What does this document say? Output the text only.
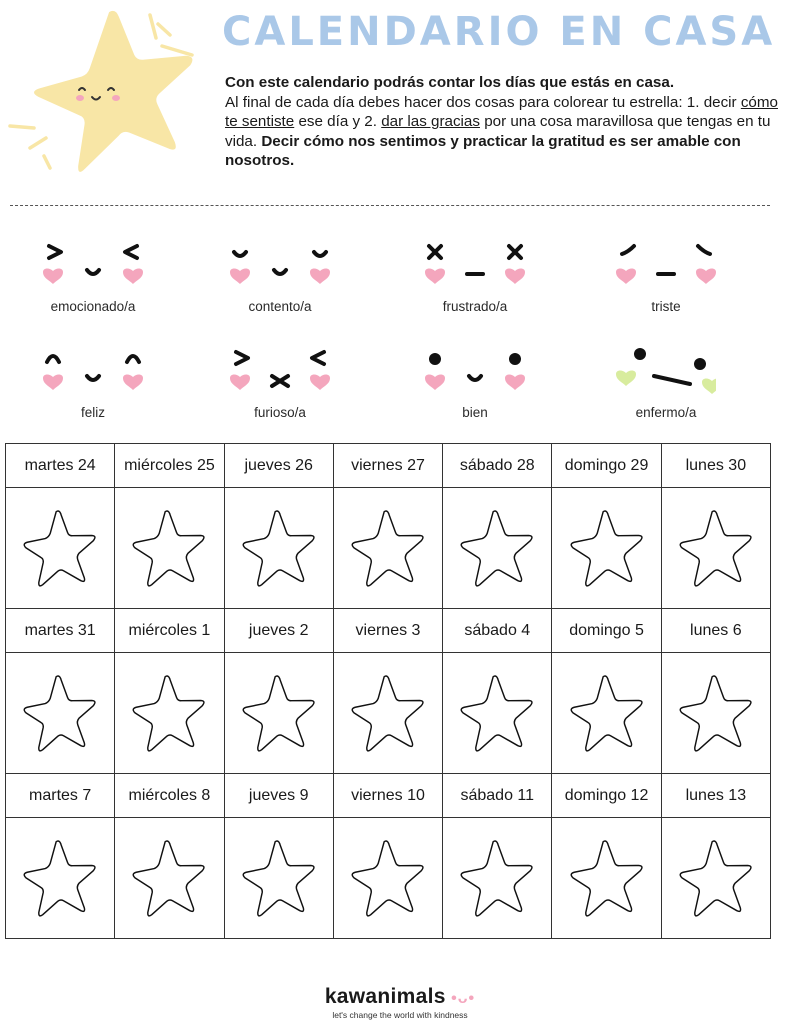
CALENDARIO EN CASA
Con este calendario podrás contar los días que estás en casa.
Al final de cada día debes hacer dos cosas para colorear tu estrella: 1. decir cómo te sentiste ese día y 2. dar las gracias por una cosa maravillosa que tengas en tu vida. Decir cómo nos sentimos y practicar la gratitud es ser amable con nosotros.
emocionado/a	contento/a	frustrado/a	triste
feliz	furioso/a	bien	enfermo/a
martes 24	miércoles 25	jueves 26	viernes 27	sábado 28	domingo 29	lunes 30

martes 31	miércoles 1	jueves 2	viernes 3	sábado 4	domingo 5	lunes 6

martes 7	miércoles 8	jueves 9	viernes 10	sábado 11	domingo 12	lunes 13

kawanimals •ᴗ•
let's change the world with kindness
